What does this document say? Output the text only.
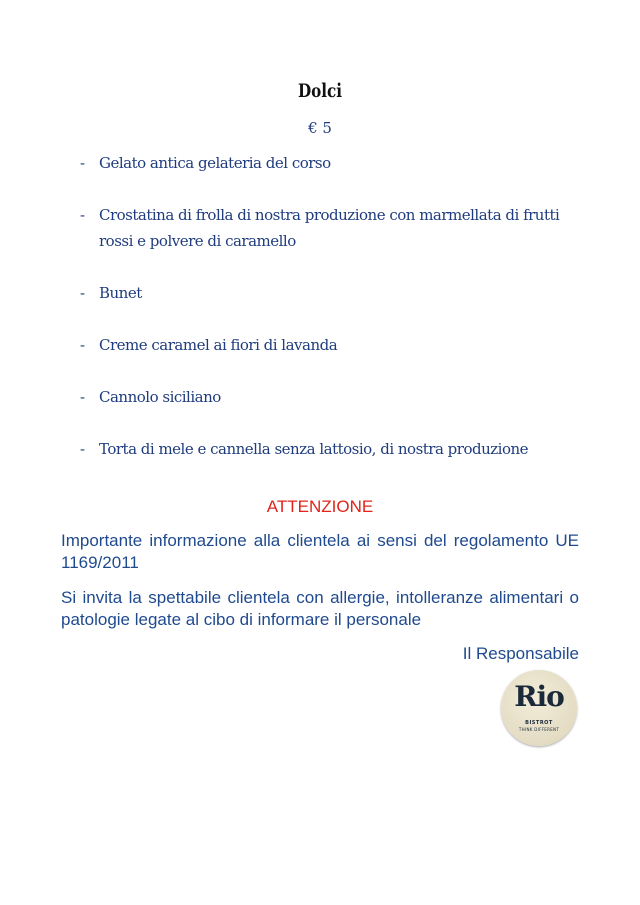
Dolci
€ 5
- Gelato antica gelateria del corso
- Crostatina di frolla di nostra produzione con marmellata di frutti rossi e polvere di caramello
- Bunet
- Creme caramel ai fiori di lavanda
- Cannolo siciliano
- Torta di mele e cannella senza lattosio, di nostra produzione
ATTENZIONE
Importante informazione alla clientela ai sensi del regolamento UE 1169/2011
Si invita la spettabile clientela con allergie, intolleranze alimentari o patologie legate al cibo di informare il personale
Il Responsabile
Rio
BISTROT
THINK DIFFERENT
